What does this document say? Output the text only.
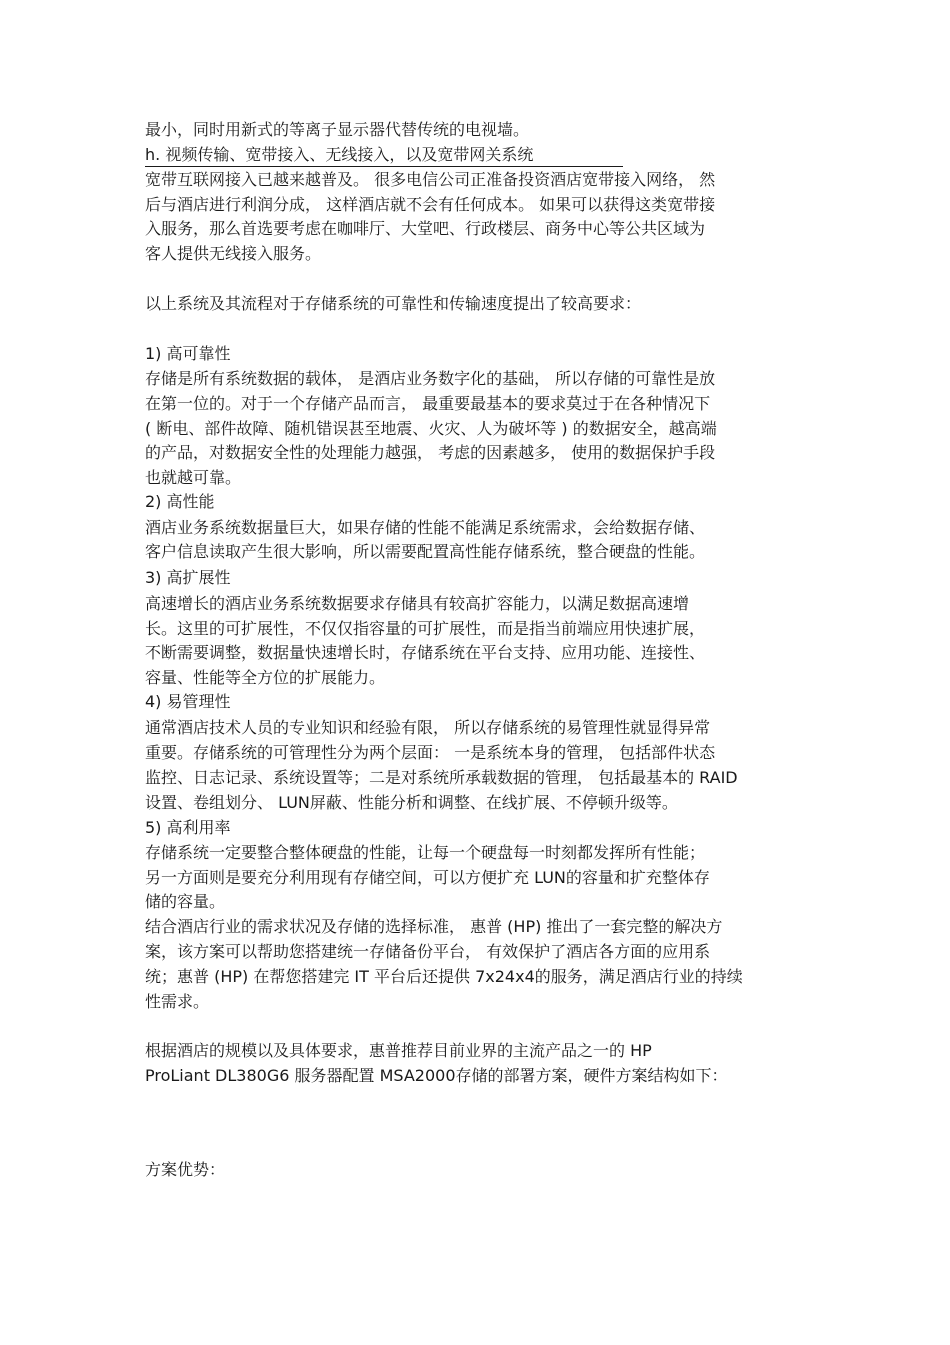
最小，同时用新式的等离子显示器代替传统的电视墙。

h. 视频传输、宽带接入、无线接入，以及宽带网关系统

宽带互联网接入已越来越普及。 很多电信公司正准备投资酒店宽带接入网络， 然

后与酒店进行利润分成， 这样酒店就不会有任何成本。 如果可以获得这类宽带接

入服务，那么首选要考虑在咖啡厅、大堂吧、行政楼层、商务中心等公共区域为

客人提供无线接入服务。

以上系统及其流程对于存储系统的可靠性和传输速度提出了较高要求：

1) 高可靠性

存储是所有系统数据的载体， 是酒店业务数字化的基础， 所以存储的可靠性是放

在第一位的。对于一个存储产品而言， 最重要最基本的要求莫过于在各种情况下

( 断电、部件故障、随机错误甚至地震、火灾、人为破坏等 ) 的数据安全，越高端

的产品，对数据安全性的处理能力越强， 考虑的因素越多， 使用的数据保护手段

也就越可靠。

2) 高性能

酒店业务系统数据量巨大，如果存储的性能不能满足系统需求，会给数据存储、

客户信息读取产生很大影响，所以需要配置高性能存储系统，整合硬盘的性能。

3) 高扩展性

高速增长的酒店业务系统数据要求存储具有较高扩容能力，以满足数据高速增

长。这里的可扩展性，不仅仅指容量的可扩展性，而是指当前端应用快速扩展，

不断需要调整，数据量快速增长时，存储系统在平台支持、应用功能、连接性、

容量、性能等全方位的扩展能力。

4) 易管理性

通常酒店技术人员的专业知识和经验有限， 所以存储系统的易管理性就显得异常

重要。存储系统的可管理性分为两个层面： 一是系统本身的管理， 包括部件状态

监控、日志记录、系统设置等；二是对系统所承载数据的管理， 包括最基本的 RAID

设置、卷组划分、 LUN屏蔽、性能分析和调整、在线扩展、不停顿升级等。

5) 高利用率

存储系统一定要整合整体硬盘的性能，让每一个硬盘每一时刻都发挥所有性能；

另一方面则是要充分利用现有存储空间，可以方便扩充 LUN的容量和扩充整体存

储的容量。

结合酒店行业的需求状况及存储的选择标准， 惠普 (HP) 推出了一套完整的解决方

案，该方案可以帮助您搭建统一存储备份平台， 有效保护了酒店各方面的应用系

统；惠普 (HP) 在帮您搭建完 IT 平台后还提供 7x24x4的服务，满足酒店行业的持续

性需求。

根据酒店的规模以及具体要求，惠普推荐目前业界的主流产品之一的 HP

ProLiant DL380G6 服务器配置 MSA2000存储的部署方案，硬件方案结构如下：

方案优势：
